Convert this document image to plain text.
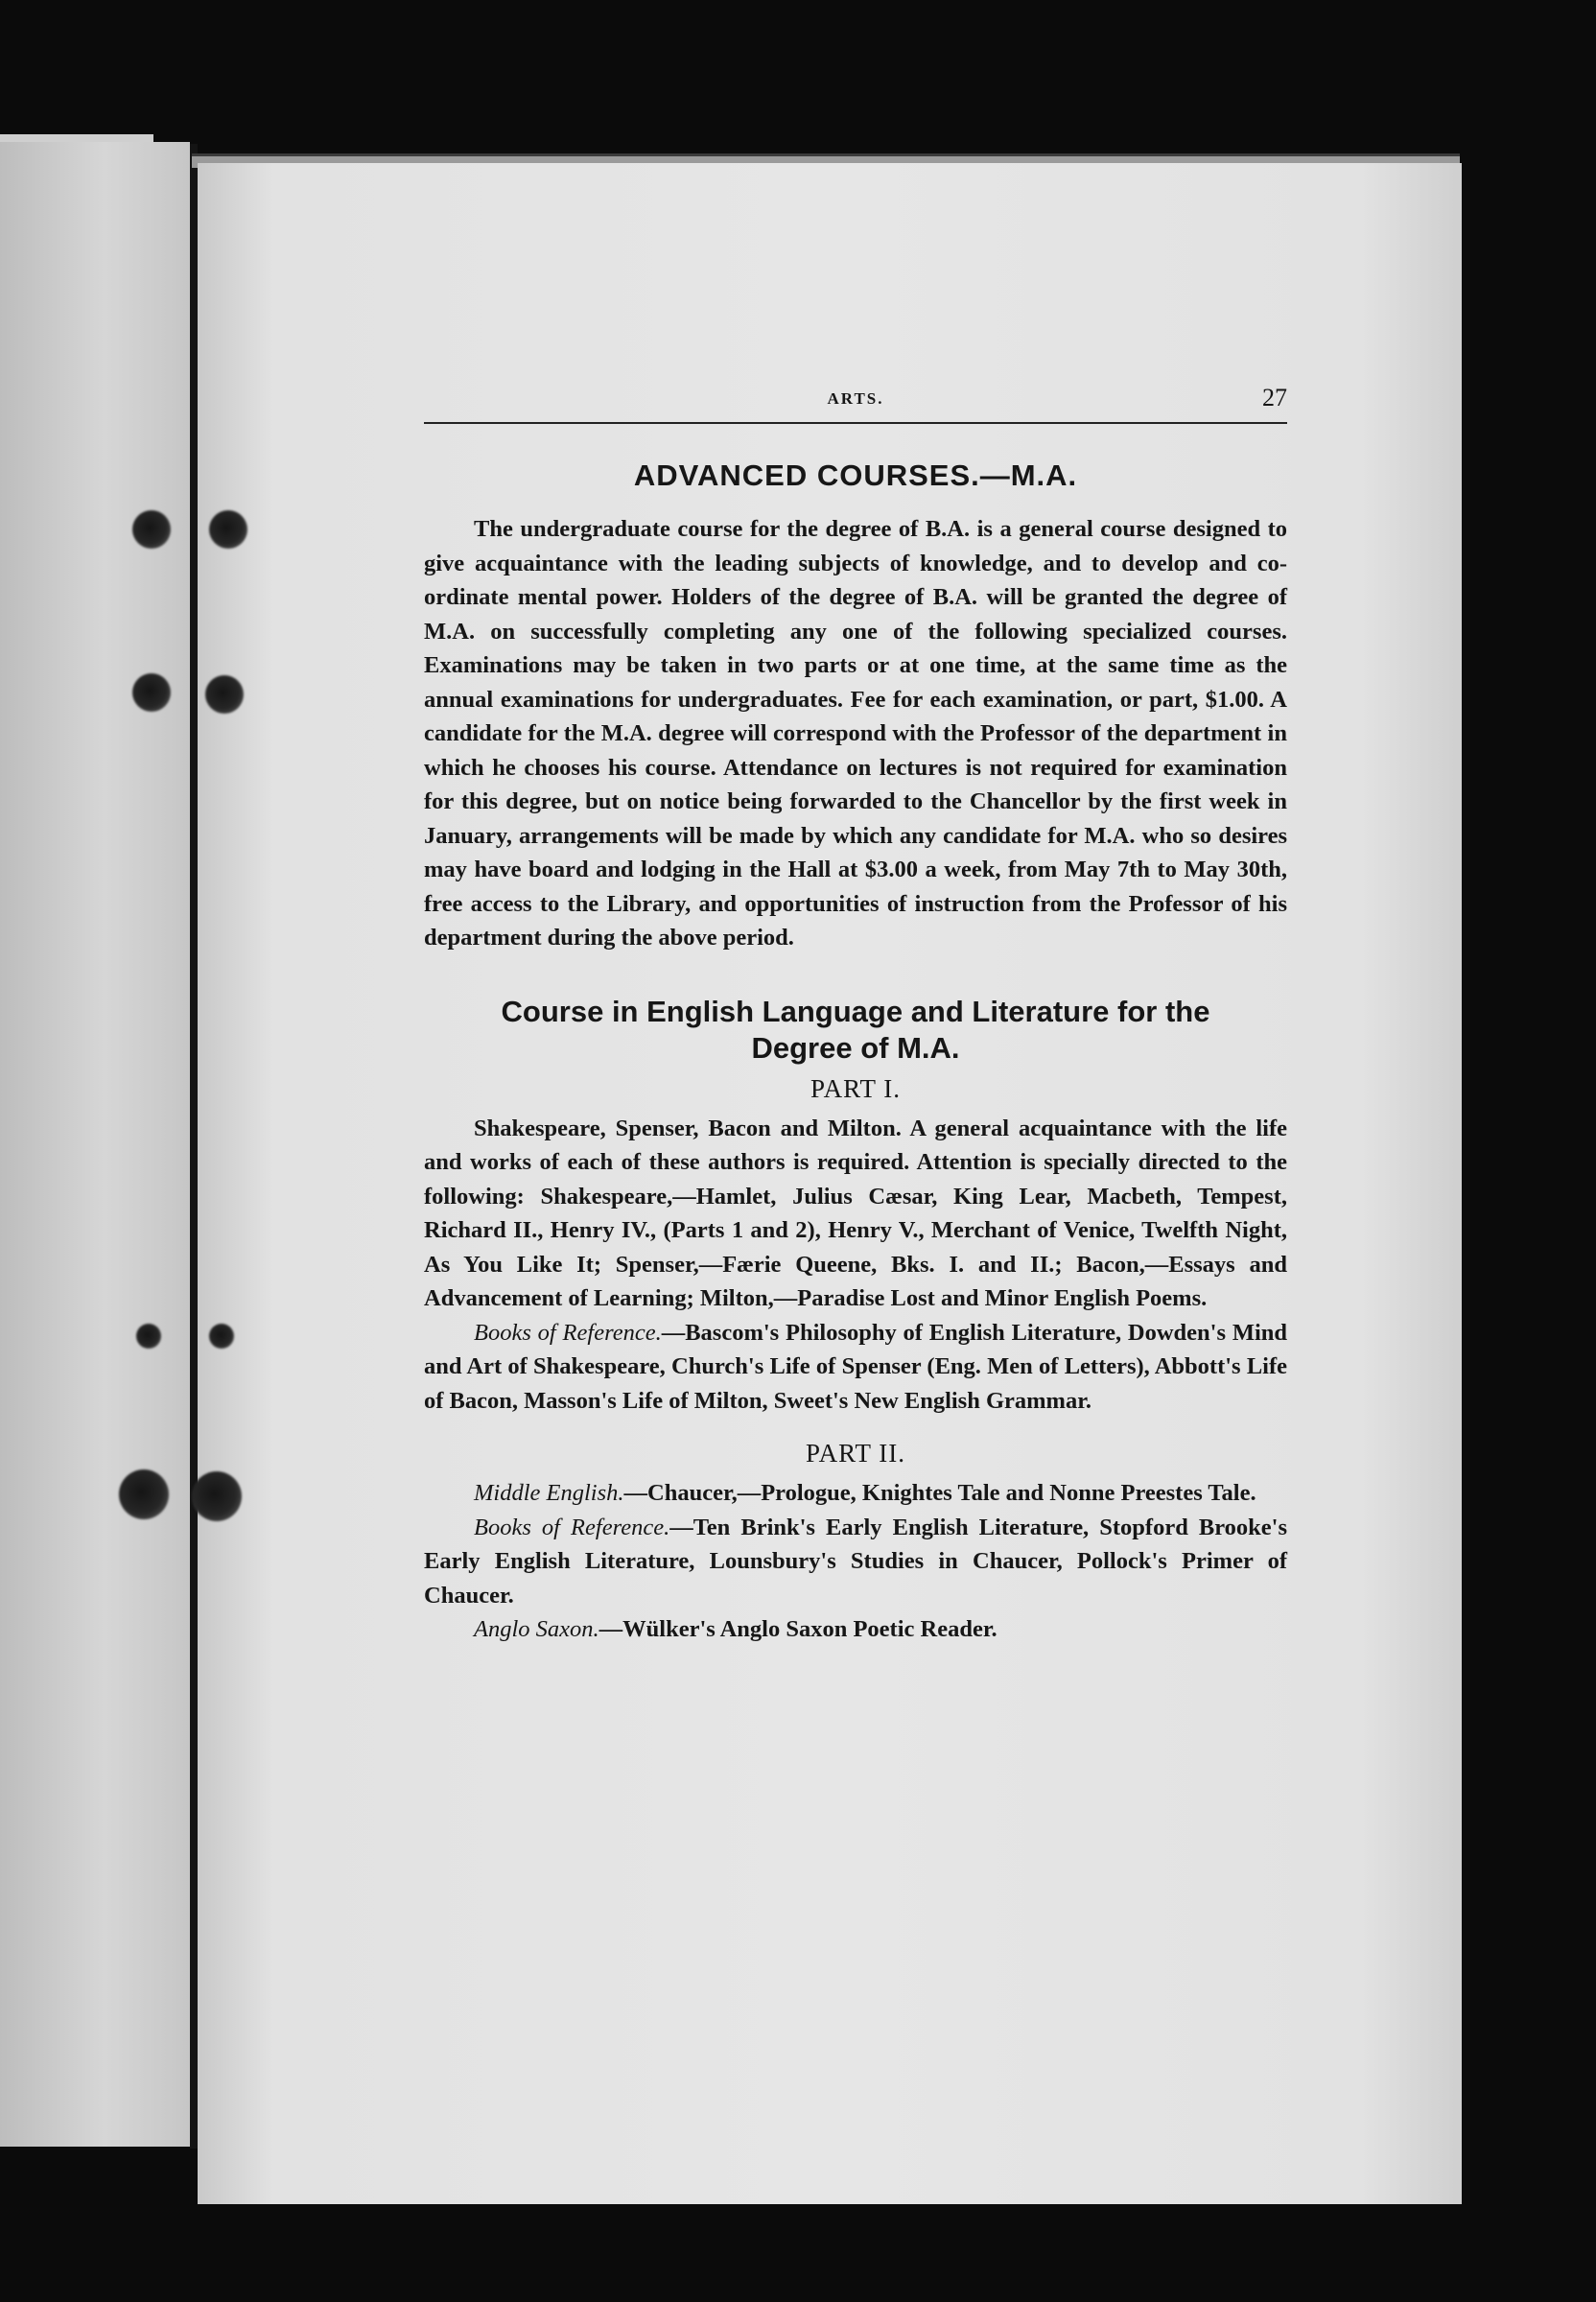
ARTS.	27
ADVANCED COURSES.—M.A.

The undergraduate course for the degree of B.A. is a general course designed to give acquaintance with the leading subjects of knowledge, and to develop and co-ordinate mental power. Holders of the degree of B.A. will be granted the degree of M.A. on successfully completing any one of the following specialized courses. Examinations may be taken in two parts or at one time, at the same time as the annual examinations for undergraduates. Fee for each examination, or part, $1.00. A candidate for the M.A. degree will correspond with the Professor of the department in which he chooses his course. Attendance on lectures is not required for examination for this degree, but on notice being forwarded to the Chancellor by the first week in January, arrangements will be made by which any candidate for M.A. who so desires may have board and lodging in the Hall at $3.00 a week, from May 7th to May 30th, free access to the Library, and opportunities of instruction from the Professor of his department during the above period.

Course in English Language and Literature for the
Degree of M.A.
PART I.

Shakespeare, Spenser, Bacon and Milton. A general acquaintance with the life and works of each of these authors is required. Attention is specially directed to the following: Shakespeare,—Hamlet, Julius Cæsar, King Lear, Macbeth, Tempest, Richard II., Henry IV., (Parts 1 and 2), Henry V., Merchant of Venice, Twelfth Night, As You Like It; Spenser,—Færie Queene, Bks. I. and II.; Bacon,—Essays and Advancement of Learning; Milton,—Paradise Lost and Minor English Poems.

Books of Reference.—Bascom's Philosophy of English Literature, Dowden's Mind and Art of Shakespeare, Church's Life of Spenser (Eng. Men of Letters), Abbott's Life of Bacon, Masson's Life of Milton, Sweet's New English Grammar.

PART II.

Middle English.—Chaucer,—Prologue, Knightes Tale and Nonne Preestes Tale.

Books of Reference.—Ten Brink's Early English Literature, Stopford Brooke's Early English Literature, Lounsbury's Studies in Chaucer, Pollock's Primer of Chaucer.

Anglo Saxon.—Wülker's Anglo Saxon Poetic Reader.
